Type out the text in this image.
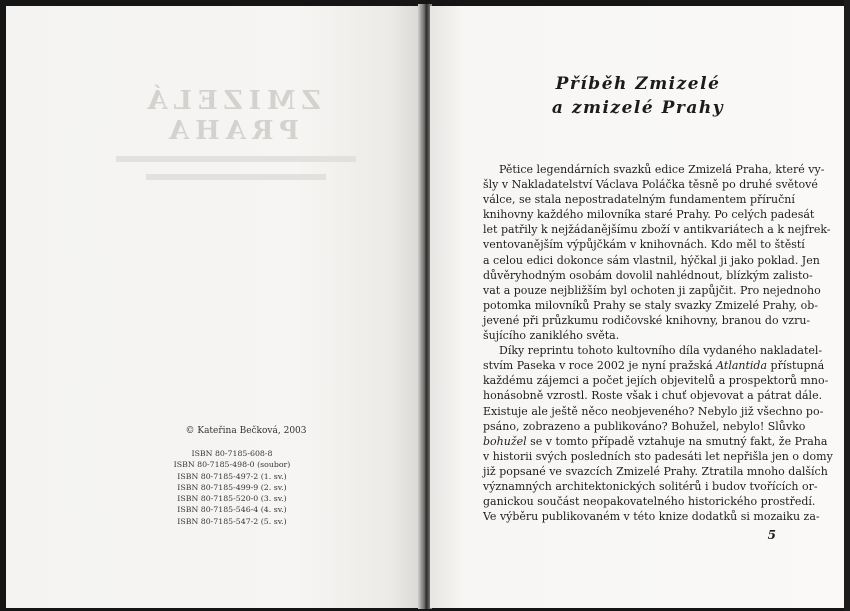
ZMIZELÁ PRAHA
© Kateřina Bečková, 2003
ISBN 80-7185-608-8
ISBN 80-7185-498-0 (soubor)
ISBN 80-7185-497-2 (1. sv.)
ISBN 80-7185-499-9 (2. sv.)
ISBN 80-7185-520-0 (3. sv.)
ISBN 80-7185-546-4 (4. sv.)
ISBN 80-7185-547-2 (5. sv.)
Příběh Zmizelé
a zmizelé Prahy

Pětice legendárních svazků edice Zmizelá Praha, které vy-
šly v Nakladatelství Václava Poláčka těsně po druhé světové
válce, se stala nepostradatelným fundamentem příruční
knihovny každého milovníka staré Prahy. Po celých padesát
let patřily k nejžádanějšímu zboží v antikvariátech a k nejfrek-
ventovanějším výpůjčkám v knihovnách. Kdo měl to štěstí
a celou edici dokonce sám vlastnil, hýčkal ji jako poklad. Jen
důvěryhodným osobám dovolil nahlédnout, blízkým zalisto-
vat a pouze nejbližším byl ochoten ji zapůjčit. Pro nejednoho
potomka milovníků Prahy se staly svazky Zmizelé Prahy, ob-
jevené při průzkumu rodičovské knihovny, branou do vzru-
šujícího zaniklého světa.

Díky reprintu tohoto kultovního díla vydaného nakladatel-
stvím Paseka v roce 2002 je nyní pražská Atlantida přístupná
každému zájemci a počet jejích objevitelů a prospektorů mno-
honásobně vzrostl. Roste však i chuť objevovat a pátrat dále.
Existuje ale ještě něco neobjeveného? Nebylo již všechno po-
psáno, zobrazeno a publikováno? Bohužel, nebylo! Slůvko
bohužel se v tomto případě vztahuje na smutný fakt, že Praha
v historii svých posledních sto padesáti let nepřišla jen o domy
již popsané ve svazcích Zmizelé Prahy. Ztratila mnoho dalších
významných architektonických solitérů i budov tvořících or-
ganickou součást neopakovatelného historického prostředí.
Ve výběru publikovaném v této knize dodatků si mozaiku za-

5
